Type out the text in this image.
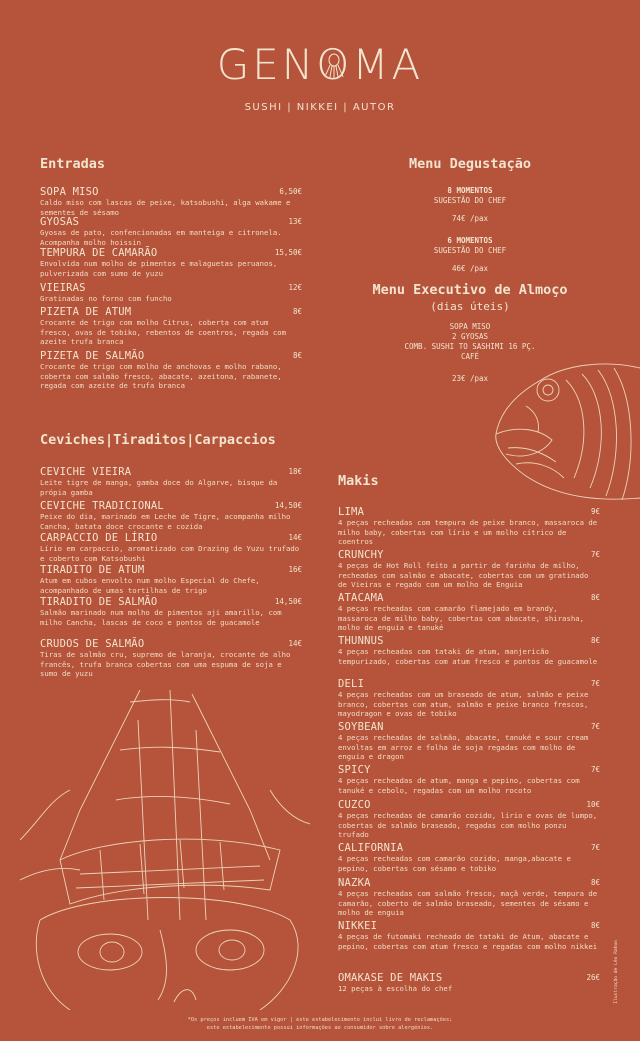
GENO
MA
SUSHI | NIKKEI | AUTOR
Entradas
SOPA MISO	6,50€
Caldo miso com lascas de peixe, katsobushi, alga wakame e sementes de sésamo
GYOSAS	13€
Gyosas de pato, confencionadas em manteiga e citronela. Acompanha molho hoissin
TEMPURA DE CAMARÃO	15,50€
Envolvida num molho de pimentos e malaguetas peruanos, pulverizada com sumo de yuzu
VIEIRAS	12€
Gratinadas no forno com funcho
PIZETA DE ATUM	8€
Crocante de trigo com molho Citrus, coberta com atum fresco, ovas de tobiko, rebentos de coentros, regada com azeite trufa branca
PIZETA DE SALMÃO	8€
Crocante de trigo com molho de anchovas e molho rabano, coberta com salmão fresco, abacate, azeitona, rabanete, regada com azeite de trufa branca
Ceviches|Tiraditos|Carpaccios
CEVICHE VIEIRA	18€
Leite tigre de manga, gamba doce do Algarve, bisque da própia gamba
CEVICHE TRADICIONAL	14,50€
Peixe do dia, marinado em Leche de Tigre, acompanha milho Cancha, batata doce crocante e cozida
CARPACCIO DE LÍRIO	14€
Lírio em carpaccio, aromatizado com Drazing de Yuzu trufado e coberto com Katsobushi
TIRADITO DE ATUM	16€
Atum em cubos envolto num molho Especial do Chefe, acompanhado de umas tortilhas de trigo
TIRADITO DE SALMÃO	14,50€
Salmão marinado num molho de pimentos aji amarillo, com milho Cancha, lascas de coco e pontos de guacamole
CRUDOS DE SALMÃO	14€
Tiras de salmão cru, supremo de laranja, crocante de alho francês, trufa branca cobertas com uma espuma de soja e sumo de yuzu
Menu Degustação
8 MOMENTOS
SUGESTÃO DO CHEF
74€ /pax
6 MOMENTOS
SUGESTÃO DO CHEF
46€ /pax
Menu Executivo de Almoço
(dias úteis)
SOPA MISO
2 GYOSAS
COMB. SUSHI TO SASHIMI 16 PÇ.
CAFÉ
23€ /pax
Makis
LIMA	9€
4 peças recheadas com tempura de peixe branco, massaroca de milho baby, cobertas com lírio e um molho cítrico de coentros
CRUNCHY	7€
4 peças de Hot Roll feito a partir de farinha de milho, recheadas com salmão e abacate, cobertas com um gratinado de Vieiras e regado com um molho de Enguia
ATACAMA	8€
4 peças recheadas com camarão flamejado em brandy, massaroca de milho baby, cobertas com abacate, shirasha, molho de enguia e tanuké
THUNNUS	8€
4 peças recheadas com tataki de atum, manjericão tempurizado, cobertas com atum fresco e pontos de guacamole
DELI	7€
4 peças recheadas com um braseado de atum, salmão e peixe branco, cobertas com atum, salmão e peixe branco frescos, mayodragon e ovas de tobiko
SOYBEAN	7€
4 peças recheadas de salmão, abacate, tanuké e sour cream envoltas em arroz e folha de soja regadas com molho de enguia e dragon
SPICY	7€
4 peças recheadas de atum, manga e pepino, cobertas com tanuké e cebolo, regadas com um molho rocoto
CUZCO	10€
4 peças recheadas de camarão cozido, lírio e ovas de lumpo, cobertas de salmão braseado, regadas com molho ponzu trufado
CALIFORNIA	7€
4 peças recheadas com camarão cozido, manga,abacate e pepino, cobertas com sésamo e tobiko
NAZKA	8€
4 peças recheadas com salmão fresco, maçã verde, tempura de camarão, coberto de salmão braseado, sementes de sésamo e molho de enguia
NIKKEI	8€
4 peças de futomaki recheado de tataki de Atum, abacate e pepino, cobertas com atum fresco e regadas com molho nikkei
OMAKASE DE MAKIS	26€
12 peças à escolha do chef	Ilustração de Léo Rahon
*Os preços incluem IVA em vigor | este estabelecimento inclui livro de reclamações;
este estabelecimento possui informações ao consumidor sobre alergénios.
